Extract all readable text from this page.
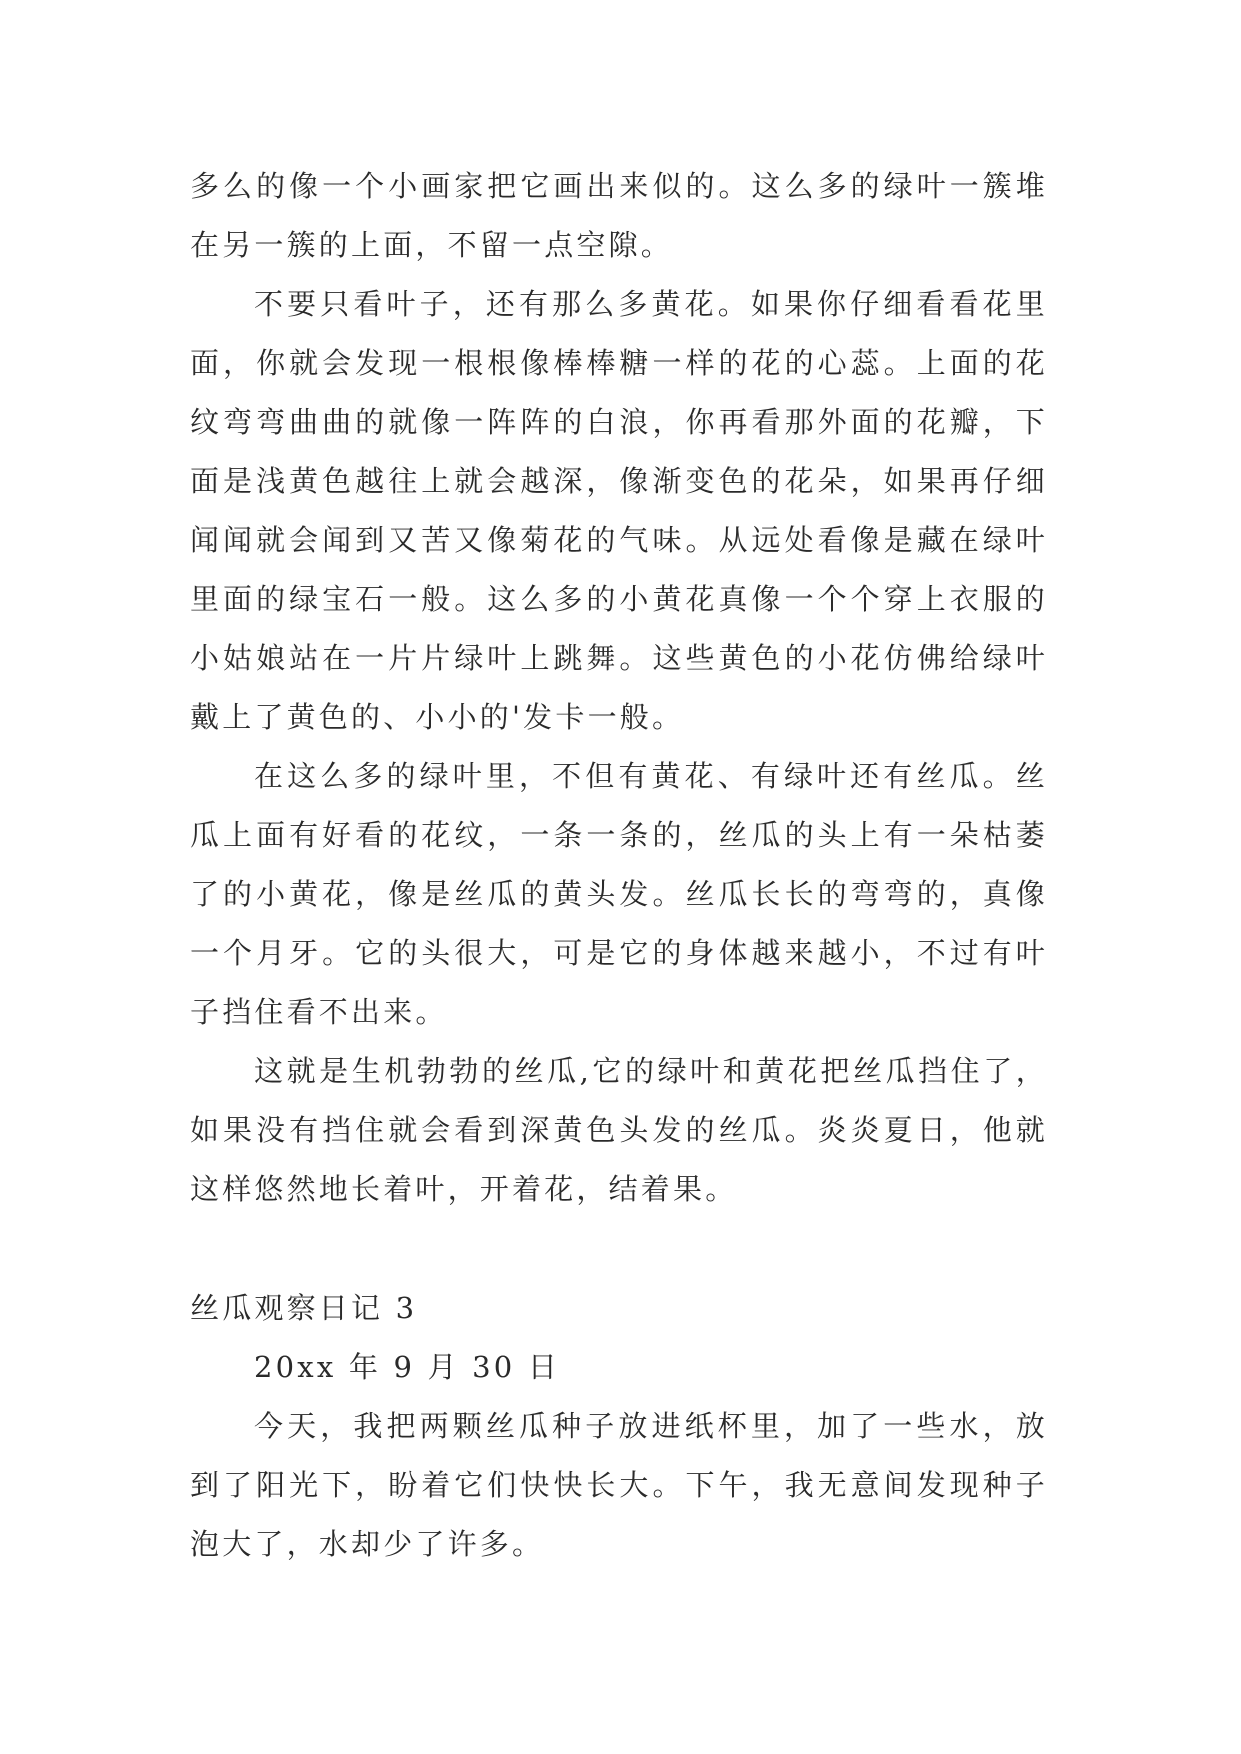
多么的像一个小画家把它画出来似的。这么多的绿叶一簇堆在另一簇的上面，不留一点空隙。

不要只看叶子，还有那么多黄花。如果你仔细看看花里面，你就会发现一根根像棒棒糖一样的花的心蕊。上面的花纹弯弯曲曲的就像一阵阵的白浪，你再看那外面的花瓣，下面是浅黄色越往上就会越深，像渐变色的花朵，如果再仔细闻闻就会闻到又苦又像菊花的气味。从远处看像是藏在绿叶里面的绿宝石一般。这么多的小黄花真像一个个穿上衣服的小姑娘站在一片片绿叶上跳舞。这些黄色的小花仿佛给绿叶戴上了黄色的、小小的'发卡一般。

在这么多的绿叶里，不但有黄花、有绿叶还有丝瓜。丝瓜上面有好看的花纹，一条一条的，丝瓜的头上有一朵枯萎了的小黄花，像是丝瓜的黄头发。丝瓜长长的弯弯的，真像一个月牙。它的头很大，可是它的身体越来越小，不过有叶子挡住看不出来。

这就是生机勃勃的丝瓜,它的绿叶和黄花把丝瓜挡住了，如果没有挡住就会看到深黄色头发的丝瓜。炎炎夏日，他就这样悠然地长着叶，开着花，结着果。

丝瓜观察日记 3

20xx 年 9 月 30 日

今天，我把两颗丝瓜种子放进纸杯里，加了一些水，放到了阳光下，盼着它们快快长大。下午，我无意间发现种子泡大了，水却少了许多。
